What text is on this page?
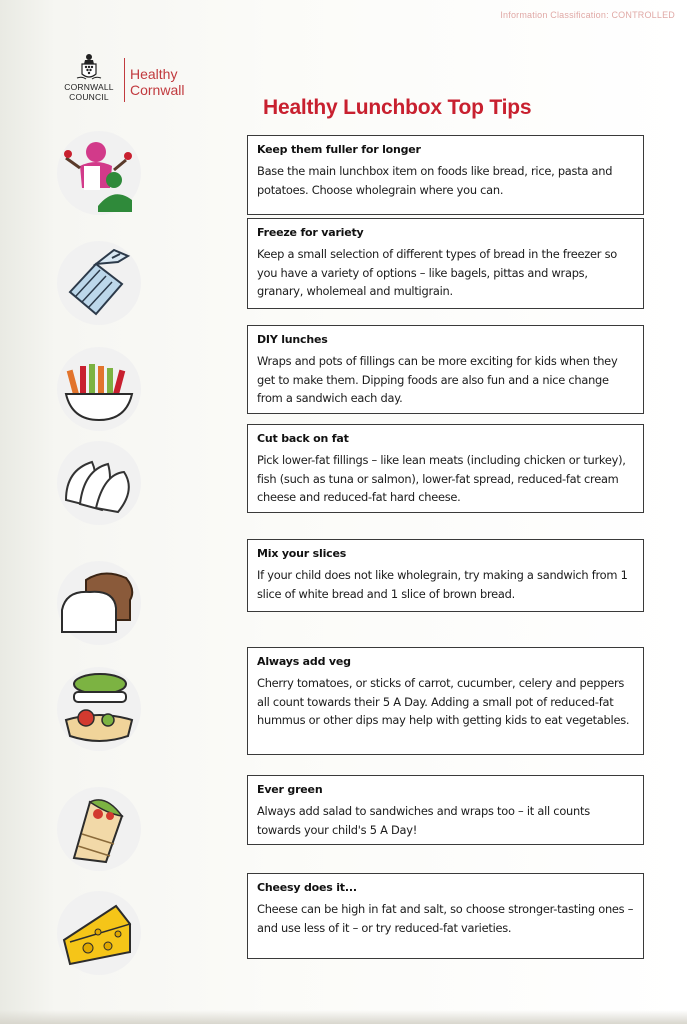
Information Classification: CONTROLLED
CORNWALL
COUNCIL
Healthy
Cornwall
Healthy Lunchbox Top Tips
Keep them fuller for longer

Base the main lunchbox item on foods like bread, rice, pasta and potatoes. Choose wholegrain where you can.

Freeze for variety

Keep a small selection of different types of bread in the freezer so you have a variety of options – like bagels, pittas and wraps, granary, wholemeal and multigrain.

DIY lunches

Wraps and pots of fillings can be more exciting for kids when they get to make them. Dipping foods are also fun and a nice change from a sandwich each day.

Cut back on fat

Pick lower-fat fillings – like lean meats (including chicken or turkey), fish (such as tuna or salmon), lower-fat spread, reduced-fat cream cheese and reduced-fat hard cheese.

Mix your slices

If your child does not like wholegrain, try making a sandwich from 1 slice of white bread and 1 slice of brown bread.

Always add veg

Cherry tomatoes, or sticks of carrot, cucumber, celery and peppers all count towards their 5 A Day. Adding a small pot of reduced-fat hummus or other dips may help with getting kids to eat vegetables.

Ever green

Always add salad to sandwiches and wraps too – it all counts towards your child's 5 A Day!

Cheesy does it...

Cheese can be high in fat and salt, so choose stronger-tasting ones – and use less of it – or try reduced-fat varieties.
